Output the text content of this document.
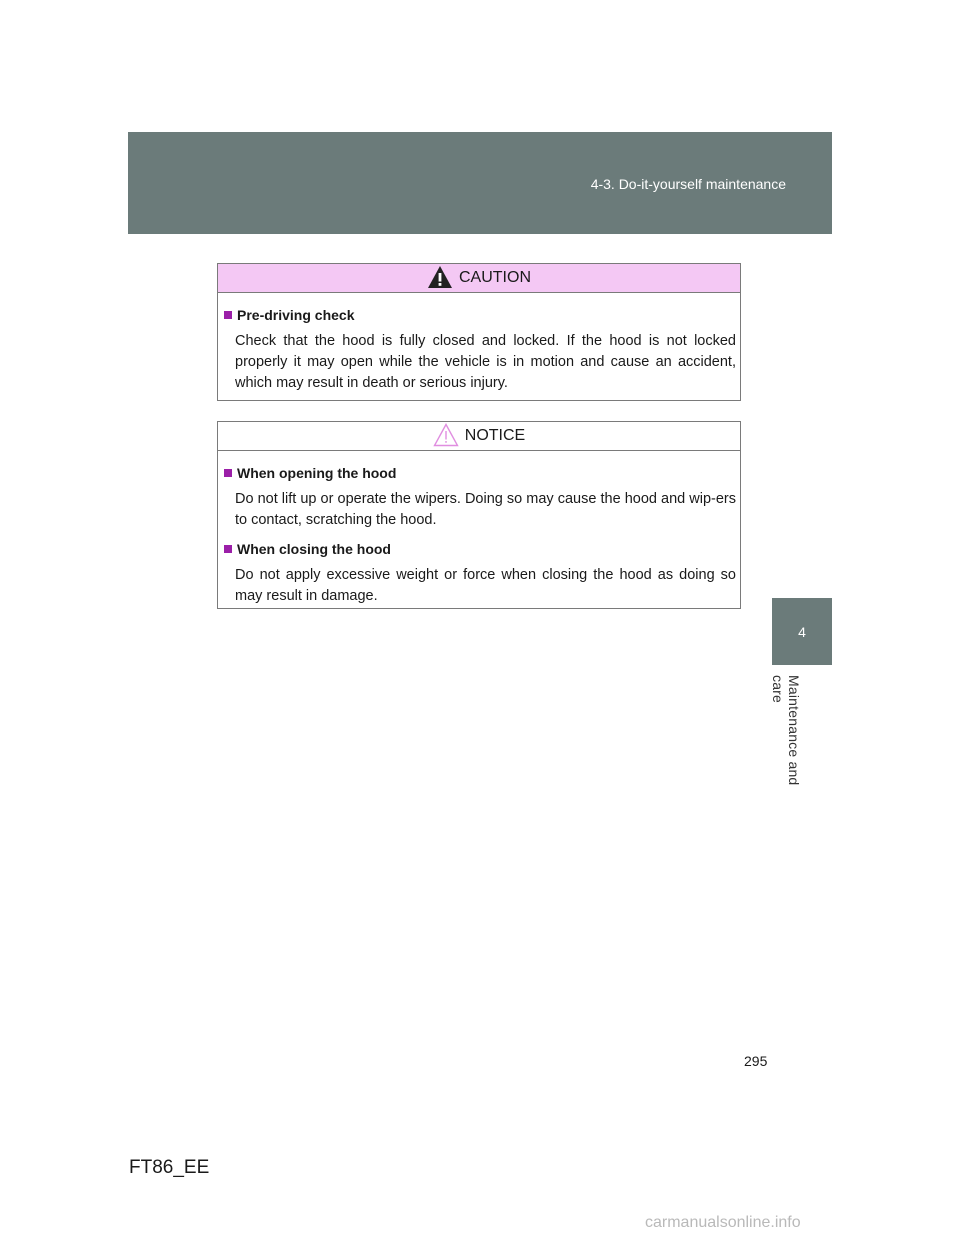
4-3. Do-it-yourself maintenance
4
Maintenance and care
CAUTION
Pre-driving check
Check that the hood is fully closed and locked. If the hood is not locked properly it may open while the vehicle is in motion and cause an accident, which may result in death or serious injury.
NOTICE
When opening the hood
Do not lift up or operate the wipers. Doing so may cause the hood and wip-ers to contact, scratching the hood.
When closing the hood
Do not apply excessive weight or force when closing the hood as doing so may result in damage.
295
FT86_EE
carmanualsonline.info
